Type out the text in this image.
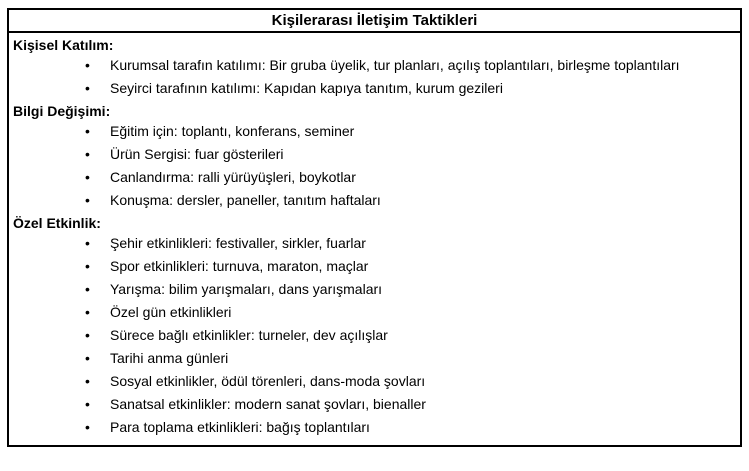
Kişilerarası İletişim Taktikleri
Kişisel Katılım:
• Kurumsal tarafın katılımı: Bir gruba üyelik, tur planları, açılış toplantıları, birleşme toplantıları
• Seyirci tarafının katılımı: Kapıdan kapıya tanıtım, kurum gezileri
Bilgi Değişimi:
• Eğitim için: toplantı, konferans, seminer
• Ürün Sergisi: fuar gösterileri
• Canlandırma: ralli yürüyüşleri, boykotlar
• Konuşma: dersler, paneller, tanıtım haftaları
Özel Etkinlik:
• Şehir etkinlikleri: festivaller, sirkler, fuarlar
• Spor etkinlikleri: turnuva, maraton, maçlar
• Yarışma: bilim yarışmaları, dans yarışmaları
• Özel gün etkinlikleri
• Sürece bağlı etkinlikler: turneler, dev açılışlar
• Tarihi anma günleri
• Sosyal etkinlikler, ödül törenleri, dans-moda şovları
• Sanatsal etkinlikler: modern sanat şovları, bienaller
• Para toplama etkinlikleri: bağış toplantıları
